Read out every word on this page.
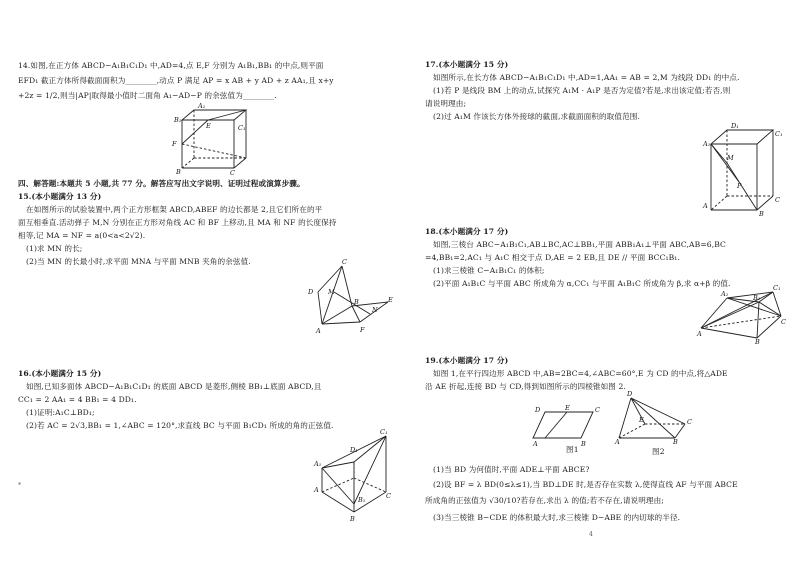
14.如图,在正方体 ABCD−A₁B₁C₁D₁ 中,AD=4,点 E,F 分别为 A₁B₁,BB₁ 的中点,则平面
EFD₁ 截正方体所得截面面积为________,动点 P 满足 AP = x AB + y AD + z AA₁,且 x+y
+2z = 1/2,则当|AP|取得最小值时二面角 A₁−AD−P 的余弦值为________.
A₁
B₁
C₁
F
B	C
E
四、解答题:本题共 5 小题,共 77 分。解答应写出文字说明、证明过程或演算步骤。
15.(本小题满分 13 分)
在如图所示的试验装置中,两个正方形框架 ABCD,ABEF 的边长都是 2,且它们所在的平
面互相垂直.活动弹子 M,N 分别在正方形对角线 AC 和 BF 上移动,且 MA 和 NF 的长度保持
相等,记 MA = NF = a(0<a<2√2).
(1)求 MN 的长;
(2)当 MN 的长最小时,求平面 MNA 与平面 MNB 夹角的余弦值.
D
C
M
B
N
E
A	F
16.(本小题满分 15 分)
如图,已知多面体 ABCD−A₁B₁C₁D₁ 的底面 ABCD 是菱形,侧棱 BB₁⊥底面 ABCD,且
CC₁ = 2 AA₁ = 4 BB₁ = 4 DD₁.
(1)证明:A₁C⊥BD₁;
(2)若 AC = 2√3,BB₁ = 1,∠ABC = 120°,求直线 BC 与平面 B₁CD₁ 所成的角的正弦值.
C₁
D₁
A₁
B₁
A
B
C
17.(本小题满分 15 分)
如图所示,在长方体 ABCD−A₁B₁C₁D₁ 中,AD=1,AA₁ = AB = 2,M 为线段 DD₁ 的中点.
(1)若 P 是线段 BM 上的动点,试探究 A₁M · A₁P 是否为定值?若是,求出该定值;若否,则
请说明理由;
(2)过 A₁M 作该长方体外接球的截面,求截面面积的取值范围.
D₁
A₁
C₁
M
P
A
B
C
18.(本小题满分 17 分)
如图,三棱台 ABC−A₁B₁C₁,AB⊥BC,AC⊥BB₁,平面 ABB₁A₁⊥平面 ABC,AB=6,BC
=4,BB₁=2,AC₁ 与 A₁C 相交于点 D,AE = 2 EB,且 DE // 平面 BCC₁B₁.
(1)求三棱锥 C−A₁B₁C₁ 的体积;
(2)平面 A₁B₁C 与平面 ABC 所成角为 α,CC₁ 与平面 A₁B₁C 所成角为 β,求 α+β 的值.
A₁	B₁
C₁
A
B
C
19.(本小题满分 17 分)
如图 1,在平行四边形 ABCD 中,AB=2BC=4,∠ABC=60°,E 为 CD 的中点,将△ADE
沿 AE 折起,连接 BD 与 CD,得到如图所示的四棱锥如图 2.
D	E	C
A	B
图1
D
E	C
A	B
图2
(1)当 BD 为何值时,平面 ADE⊥平面 ABCE?
(2)设 BF = λ BD(0≤λ≤1),当 BD⊥DE 时,是否存在实数 λ,使得直线 AF 与平面 ABCE
所成角的正弦值为 √30/10?若存在,求出 λ 的值;若不存在,请说明理由;
(3)当三棱锥 B−CDE 的体积最大时,求三棱锥 D−ABE 的内切球的半径.
4
*
